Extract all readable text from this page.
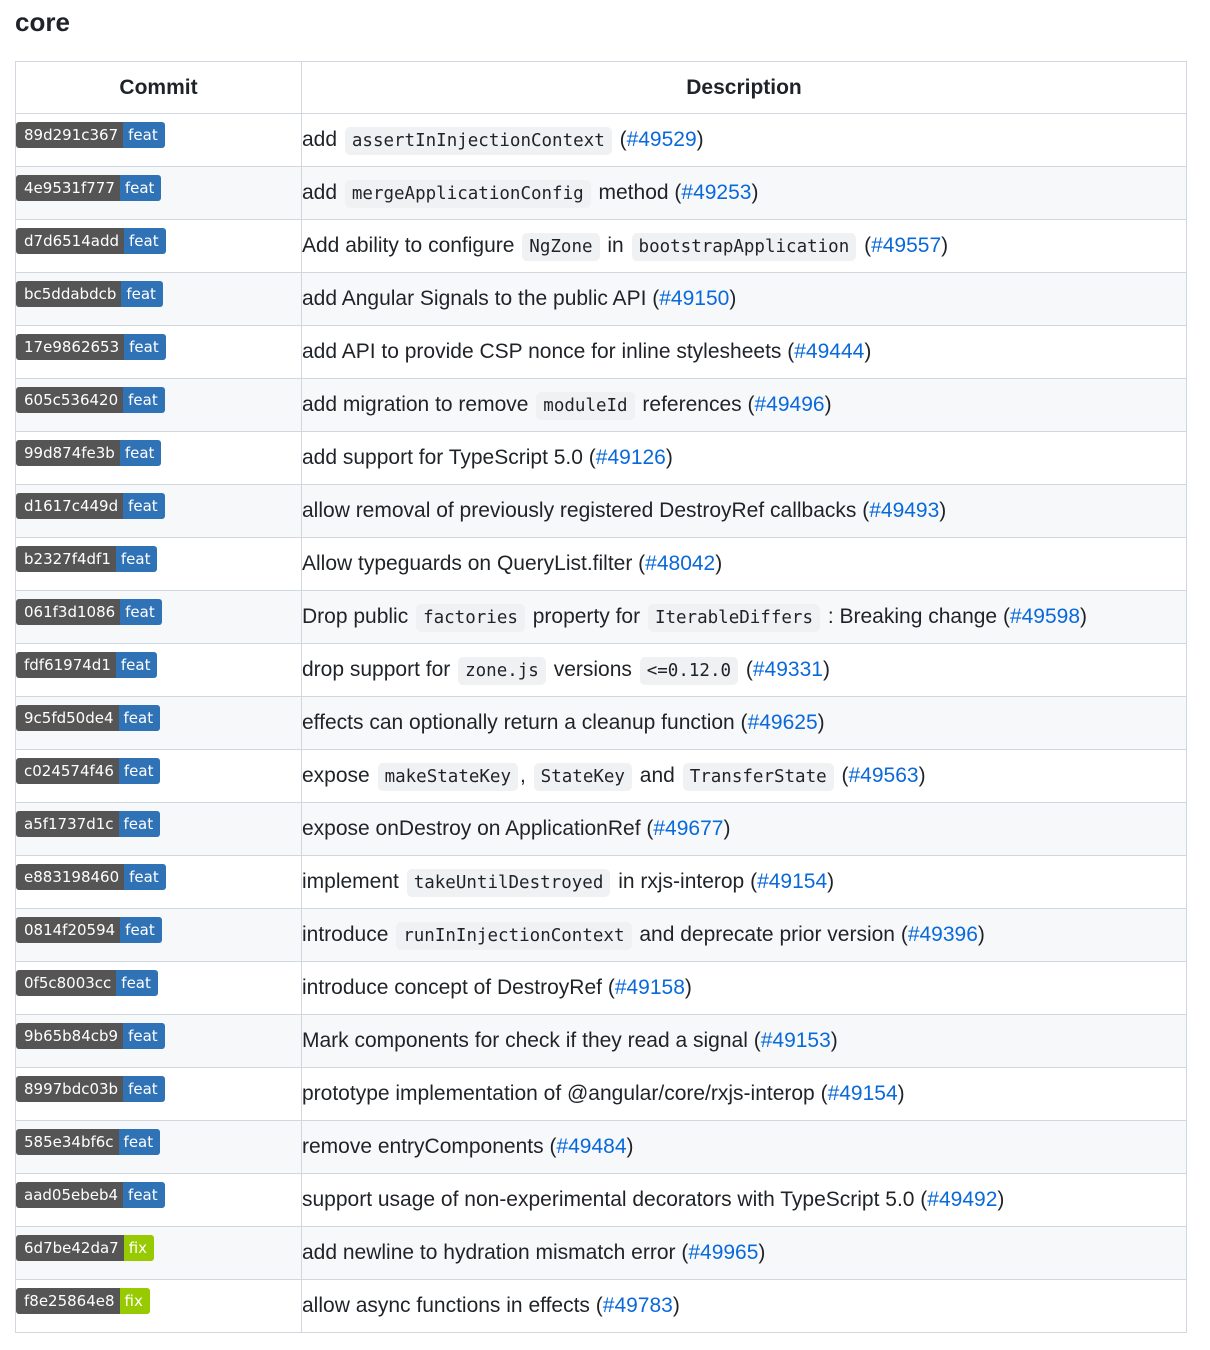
core
Commit	Description

89d291c367 feat	add assertInInjectionContext (#49529)

4e9531f777 feat	add mergeApplicationConfig method (#49253)

d7d6514add feat	Add ability to configure NgZone in bootstrapApplication (#49557)

bc5ddabdcb feat	add Angular Signals to the public API (#49150)

17e9862653 feat	add API to provide CSP nonce for inline stylesheets (#49444)

605c536420 feat	add migration to remove moduleId references (#49496)

99d874fe3b feat	add support for TypeScript 5.0 (#49126)

d1617c449d feat	allow removal of previously registered DestroyRef callbacks (#49493)

b2327f4df1 feat	Allow typeguards on QueryList.filter (#48042)

061f3d1086 feat	Drop public factories property for IterableDiffers : Breaking change (#49598)

fdf61974d1 feat	drop support for zone.js versions <=0.12.0 (#49331)

9c5fd50de4 feat	effects can optionally return a cleanup function (#49625)

c024574f46 feat	expose makeStateKey , StateKey and TransferState (#49563)

a5f1737d1c feat	expose onDestroy on ApplicationRef (#49677)

e883198460 feat	implement takeUntilDestroyed in rxjs-interop (#49154)

0814f20594 feat	introduce runInInjectionContext and deprecate prior version (#49396)

0f5c8003cc feat	introduce concept of DestroyRef (#49158)

9b65b84cb9 feat	Mark components for check if they read a signal (#49153)

8997bdc03b feat	prototype implementation of @angular/core/rxjs-interop (#49154)

585e34bf6c feat	remove entryComponents (#49484)

aad05ebeb4 feat	support usage of non-experimental decorators with TypeScript 5.0 (#49492)

6d7be42da7 fix	add newline to hydration mismatch error (#49965)

f8e25864e8 fix	allow async functions in effects (#49783)
